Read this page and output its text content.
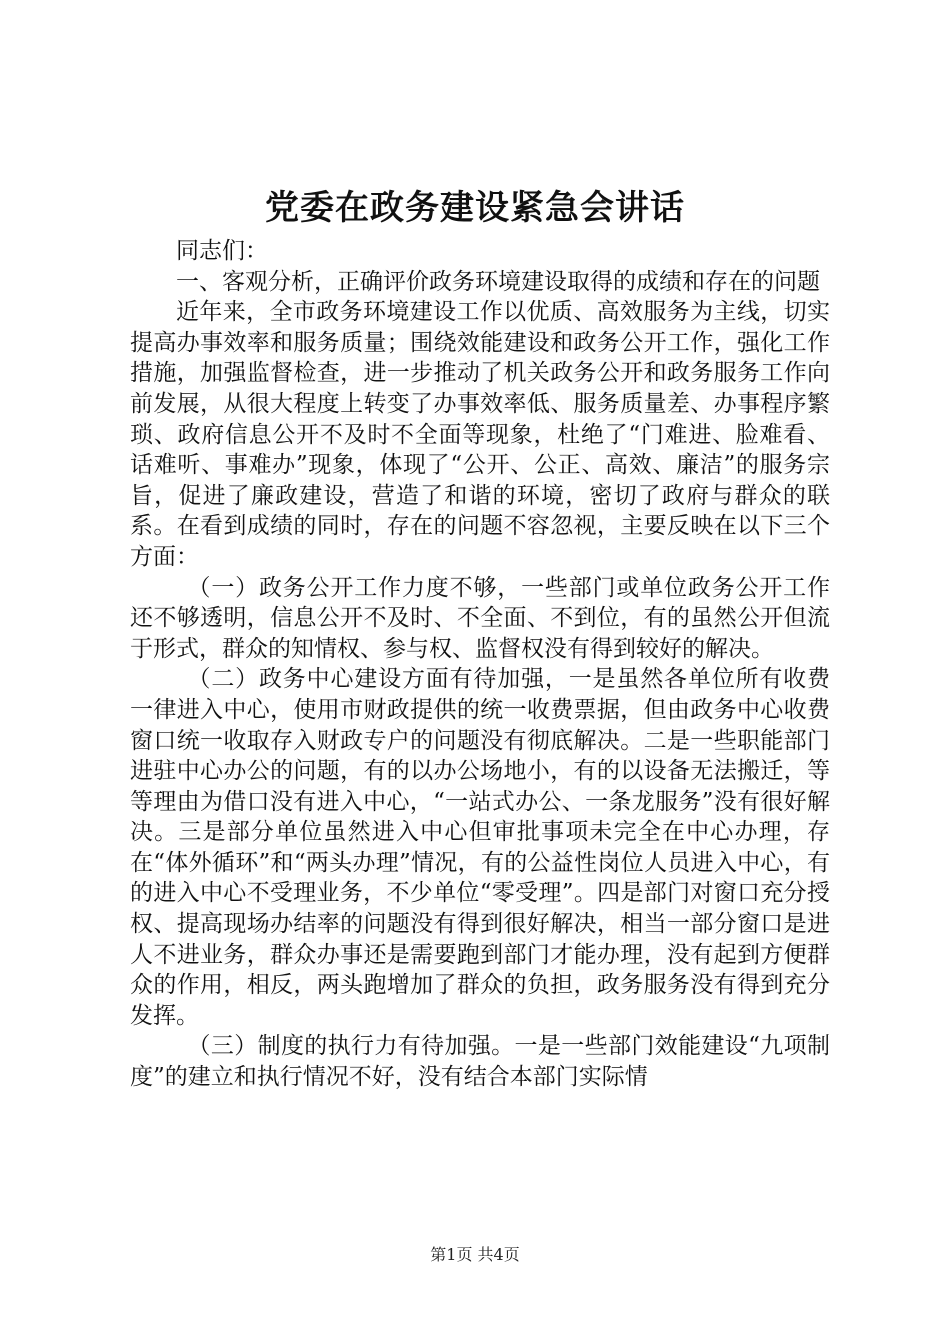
党委在政务建设紧急会讲话

同志们：

一、客观分析，正确评价政务环境建设取得的成绩和存在的问题

近年来，全市政务环境建设工作以优质、高效服务为主线，切实提高办事效率和服务质量；围绕效能建设和政务公开工作，强化工作措施，加强监督检查，进一步推动了机关政务公开和政务服务工作向前发展，从很大程度上转变了办事效率低、服务质量差、办事程序繁琐、政府信息公开不及时不全面等现象，杜绝了“门难进、脸难看、话难听、事难办”现象，体现了“公开、公正、高效、廉洁”的服务宗旨，促进了廉政建设，营造了和谐的环境，密切了政府与群众的联系。在看到成绩的同时，存在的问题不容忽视，主要反映在以下三个方面：

（一）政务公开工作力度不够，一些部门或单位政务公开工作还不够透明，信息公开不及时、不全面、不到位，有的虽然公开但流于形式，群众的知情权、参与权、监督权没有得到较好的解决。

（二）政务中心建设方面有待加强，一是虽然各单位所有收费一律进入中心，使用市财政提供的统一收费票据，但由政务中心收费窗口统一收取存入财政专户的问题没有彻底解决。二是一些职能部门进驻中心办公的问题，有的以办公场地小，有的以设备无法搬迁，等等理由为借口没有进入中心，“一站式办公、一条龙服务”没有很好解决。三是部分单位虽然进入中心但审批事项未完全在中心办理，存在“体外循环”和“两头办理”情况，有的公益性岗位人员进入中心，有的进入中心不受理业务，不少单位“零受理”。四是部门对窗口充分授权、提高现场办结率的问题没有得到很好解决，相当一部分窗口是进人不进业务，群众办事还是需要跑到部门才能办理，没有起到方便群众的作用，相反，两头跑增加了群众的负担，政务服务没有得到充分发挥。

（三）制度的执行力有待加强。一是一些部门效能建设“九项制度”的建立和执行情况不好，没有结合本部门实际情

第1页 共4页
